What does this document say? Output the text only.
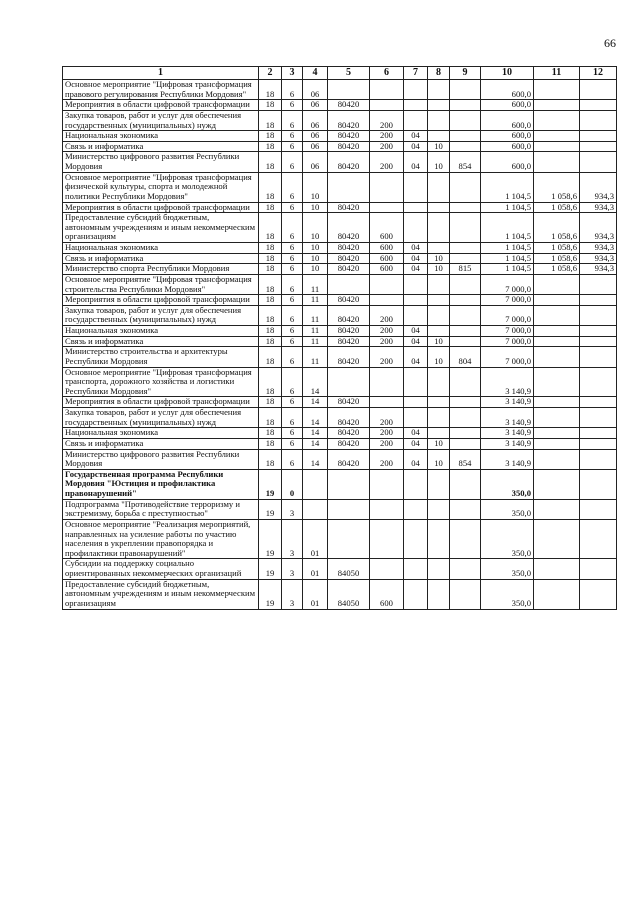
66
1	2	3	4	5	6	7	8	9	10	11	12
Основное мероприятие "Цифровая трансформация правового регулирования Республики Мордовия"	18	6	06						600,0		
Мероприятия в области цифровой трансформации	18	6	06	80420					600,0		
Закупка товаров, работ и услуг для обеспечения государственных (муниципальных) нужд	18	6	06	80420	200				600,0		
Национальная экономика	18	6	06	80420	200	04			600,0		
Связь и информатика	18	6	06	80420	200	04	10		600,0		
Министерство цифрового развития Республики Мордовия	18	6	06	80420	200	04	10	854	600,0		
Основное мероприятие "Цифровая трансформация физической культуры, спорта и молодежной политики Республики Мордовия"	18	6	10						1 104,5	1 058,6	934,3
Мероприятия в области цифровой трансформации	18	6	10	80420					1 104,5	1 058,6	934,3
Предоставление субсидий бюджетным, автономным учреждениям и иным некоммерческим организациям	18	6	10	80420	600				1 104,5	1 058,6	934,3
Национальная экономика	18	6	10	80420	600	04			1 104,5	1 058,6	934,3
Связь и информатика	18	6	10	80420	600	04	10		1 104,5	1 058,6	934,3
Министерство спорта Республики Мордовия	18	6	10	80420	600	04	10	815	1 104,5	1 058,6	934,3
Основное мероприятие "Цифровая трансформация строительства Республики Мордовия"	18	6	11						7 000,0		
Мероприятия в области цифровой трансформации	18	6	11	80420					7 000,0		
Закупка товаров, работ и услуг для обеспечения государственных (муниципальных) нужд	18	6	11	80420	200				7 000,0		
Национальная экономика	18	6	11	80420	200	04			7 000,0		
Связь и информатика	18	6	11	80420	200	04	10		7 000,0		
Министерство строительства и архитектуры Республики Мордовия	18	6	11	80420	200	04	10	804	7 000,0		
Основное мероприятие "Цифровая трансформация транспорта, дорожного хозяйства и логистики Республики Мордовия"	18	6	14						3 140,9		
Мероприятия в области цифровой трансформации	18	6	14	80420					3 140,9		
Закупка товаров, работ и услуг для обеспечения государственных (муниципальных) нужд	18	6	14	80420	200				3 140,9		
Национальная экономика	18	6	14	80420	200	04			3 140,9		
Связь и информатика	18	6	14	80420	200	04	10		3 140,9		
Министерство цифрового развития Республики Мордовия	18	6	14	80420	200	04	10	854	3 140,9		
Государственная программа Республики Мордовия "Юстиция и профилактика правонарушений"	19	0							350,0		
Подпрограмма "Противодействие терроризму и экстремизму, борьба с преступностью"	19	3							350,0		
Основное мероприятие "Реализация мероприятий, направленных на усиление работы по участию населения в укреплении правопорядка и профилактики правонарушений"	19	3	01						350,0		
Субсидии на поддержку социально ориентированных некоммерческих организаций	19	3	01	84050					350,0		
Предоставление субсидий бюджетным, автономным учреждениям и иным некоммерческим организациям	19	3	01	84050	600				350,0		
